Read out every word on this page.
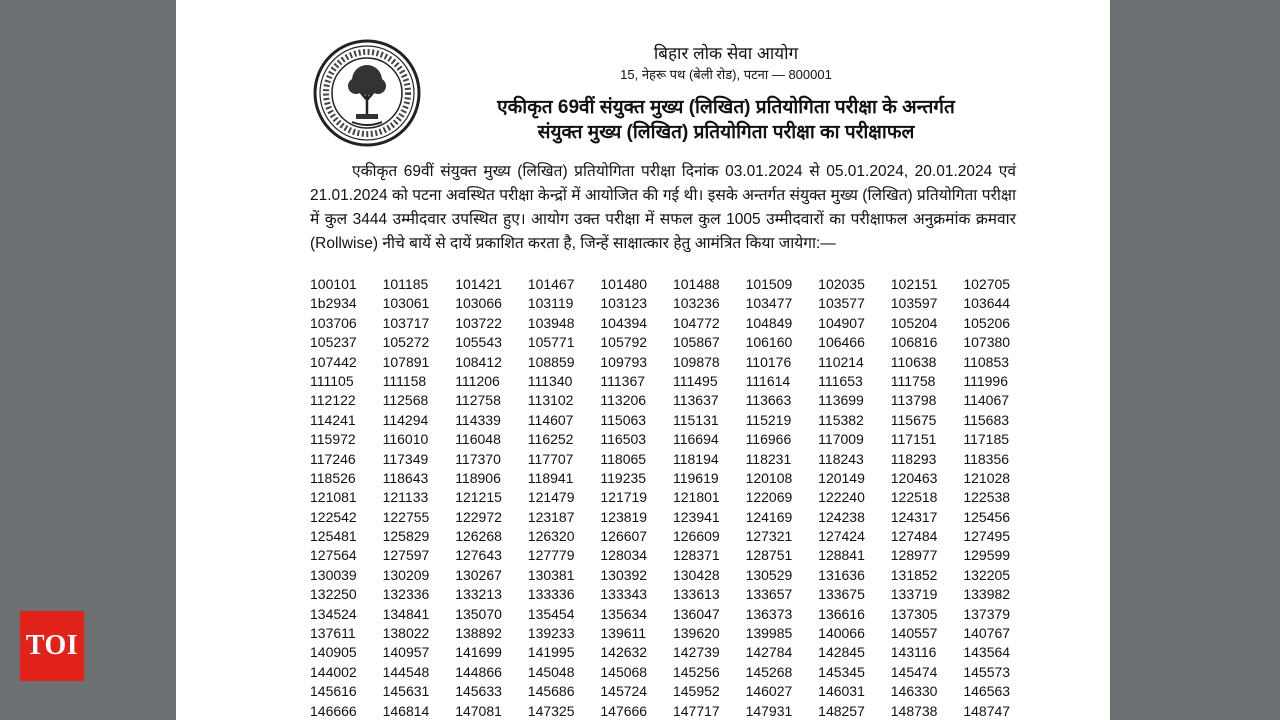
बिहार लोक सेवा आयोग
15, नेहरू पथ (बेली रोड), पटना — 800001
एकीकृत 69वीं संयुक्त मुख्य (लिखित) प्रतियोगिता परीक्षा के अन्तर्गत
संयुक्त मुख्य (लिखित) प्रतियोगिता परीक्षा का परीक्षाफल

एकीकृत 69वीं संयुक्त मुख्य (लिखित) प्रतियोगिता परीक्षा दिनांक 03.01.2024 से 05.01.2024, 20.01.2024 एवं 21.01.2024 को पटना अवस्थित परीक्षा केन्द्रों में आयोजित की गई थी। इसके अन्तर्गत संयुक्त मुख्य (लिखित) प्रतियोगिता परीक्षा में कुल 3444 उम्मीदवार उपस्थित हुए। आयोग उक्त परीक्षा में सफल कुल 1005 उम्मीदवारों का परीक्षाफल अनुक्रमांक क्रमवार (Rollwise) नीचे बायें से दायें प्रकाशित करता है, जिन्हें साक्षात्कार हेतु आमंत्रित किया जायेगा:—

100101	101185	101421	101467	101480	101488	101509	102035	102151	102705
1b2934	103061	103066	103119	103123	103236	103477	103577	103597	103644
103706	103717	103722	103948	104394	104772	104849	104907	105204	105206
105237	105272	105543	105771	105792	105867	106160	106466	106816	107380
107442	107891	108412	108859	109793	109878	110176	110214	110638	110853
111105	111158	111206	111340	111367	111495	111614	111653	111758	111996
112122	112568	112758	113102	113206	113637	113663	113699	113798	114067
114241	114294	114339	114607	115063	115131	115219	115382	115675	115683
115972	116010	116048	116252	116503	116694	116966	117009	117151	117185
117246	117349	117370	117707	118065	118194	118231	118243	118293	118356
118526	118643	118906	118941	119235	119619	120108	120149	120463	121028
121081	121133	121215	121479	121719	121801	122069	122240	122518	122538
122542	122755	122972	123187	123819	123941	124169	124238	124317	125456
125481	125829	126268	126320	126607	126609	127321	127424	127484	127495
127564	127597	127643	127779	128034	128371	128751	128841	128977	129599
130039	130209	130267	130381	130392	130428	130529	131636	131852	132205
132250	132336	133213	133336	133343	133613	133657	133675	133719	133982
134524	134841	135070	135454	135634	136047	136373	136616	137305	137379
137611	138022	138892	139233	139611	139620	139985	140066	140557	140767
140905	140957	141699	141995	142632	142739	142784	142845	143116	143564
144002	144548	144866	145048	145068	145256	145268	145345	145474	145573
145616	145631	145633	145686	145724	145952	146027	146031	146330	146563
146666	146814	147081	147325	147666	147717	147931	148257	148738	148747
TOI
